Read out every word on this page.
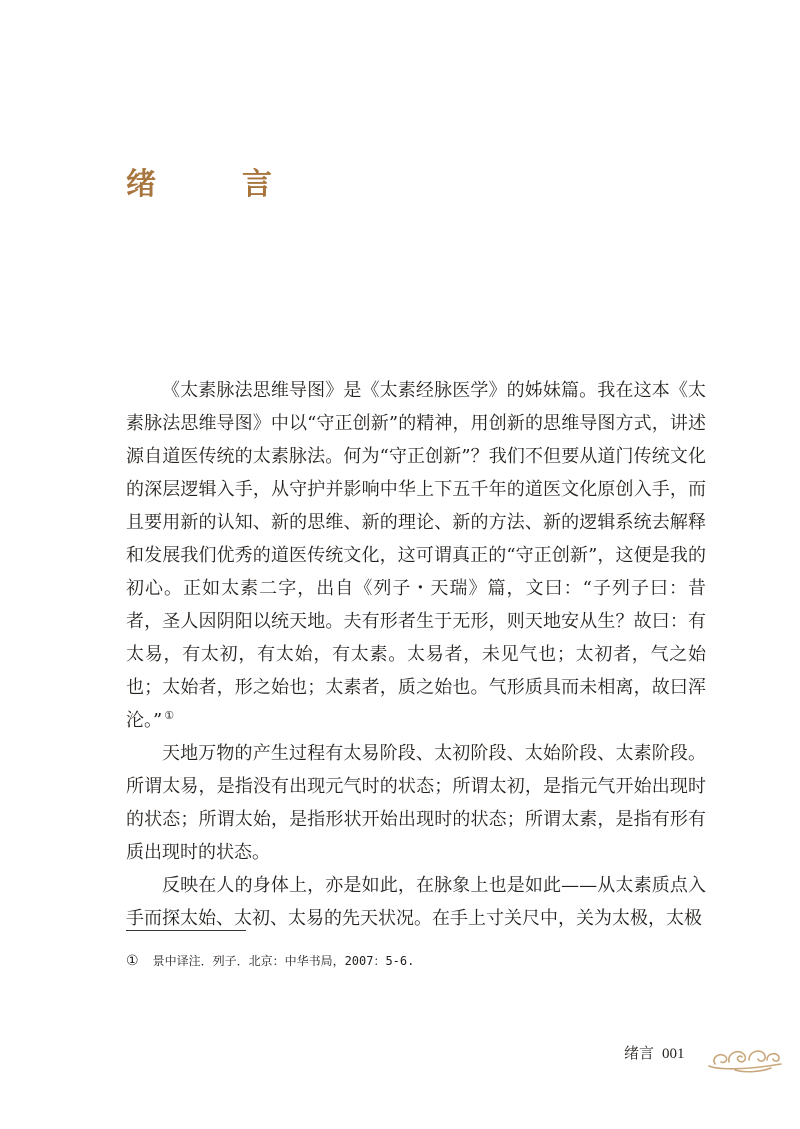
绪　言

《太素脉法思维导图》是《太素经脉医学》的姊妹篇。我在这本《太素脉法思维导图》中以“守正创新”的精神，用创新的思维导图方式，讲述源自道医传统的太素脉法。何为“守正创新”？我们不但要从道门传统文化的深层逻辑入手，从守护并影响中华上下五千年的道医文化原创入手，而且要用新的认知、新的思维、新的理论、新的方法、新的逻辑系统去解释和发展我们优秀的道医传统文化，这可谓真正的“守正创新”，这便是我的初心。正如太素二字，出自《列子・天瑞》篇，文曰：“子列子曰：昔者，圣人因阴阳以统天地。夫有形者生于无形，则天地安从生？故曰：有太易，有太初，有太始，有太素。太易者，未见气也；太初者，气之始也；太始者，形之始也；太素者，质之始也。气形质具而未相离，故曰浑沦。” ①

天地万物的产生过程有太易阶段、太初阶段、太始阶段、太素阶段。所谓太易，是指没有出现元气时的状态；所谓太初，是指元气开始出现时的状态；所谓太始，是指形状开始出现时的状态；所谓太素，是指有形有质出现时的状态。

反映在人的身体上，亦是如此，在脉象上也是如此——从太素质点入手而探太始、太初、太易的先天状况。在手上寸关尺中，关为太极，太极

① 景中译注．列子．北京：中华书局，2007：5-6.
绪言 001
